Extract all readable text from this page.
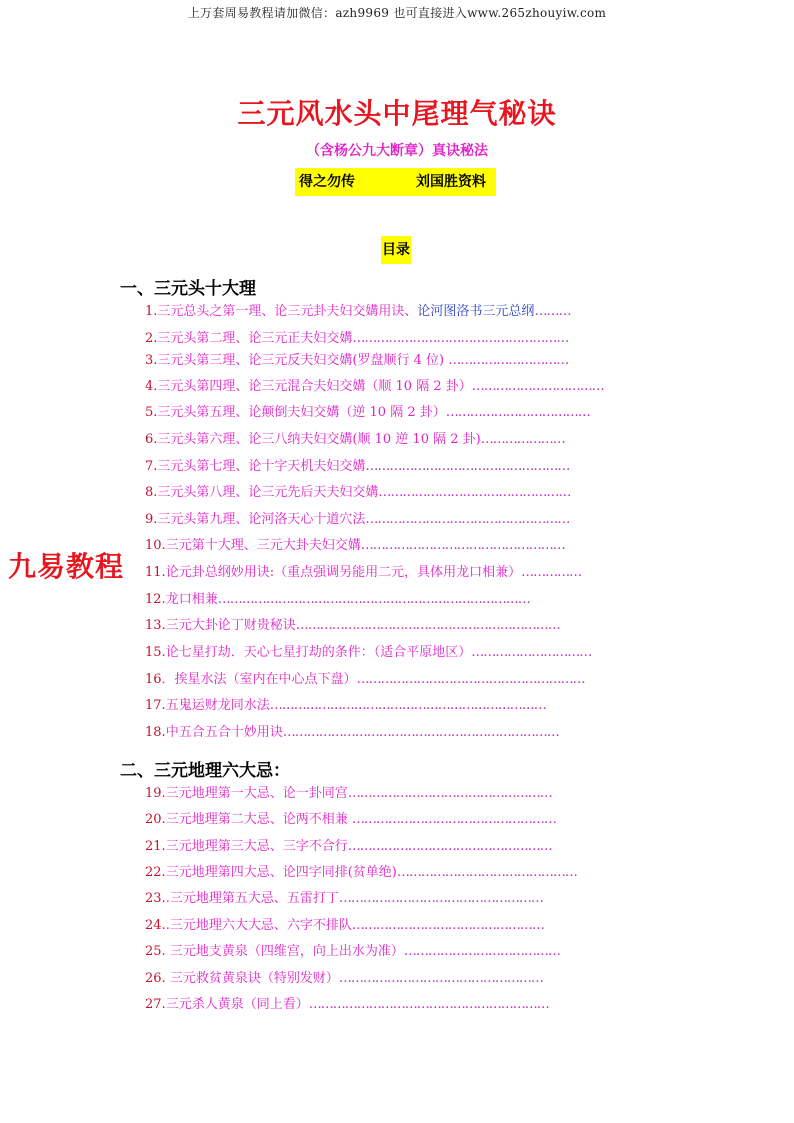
上万套周易教程请加微信：azh9969 也可直接进入www.265zhouyiw.com
三元风水头中尾理气秘诀
（含杨公九大断章）真诀秘法
得之勿传	刘国胜资料
目录
九易教程
一、三元头十大理
二、三元地理六大忌：
1.三元总头之第一理、论三元卦夫妇交媾用诀、论河图洛书三元总纲………
2.三元头第二理、论三元正夫妇交媾………………………………………………
3.三元头第三理、论三元反夫妇交媾(罗盘顺行 4 位) …………………………
4.三元头第四理、论三元混合夫妇交媾（顺 10 隔 2 卦）……………………………
5.三元头第五理、论颠倒夫妇交媾（逆 10 隔 2 卦）………………………………
6.三元头第六理、论三八纳夫妇交媾(顺 10 逆 10 隔 2 卦)…………………
7.三元头第七理、论十字天机夫妇交媾……………………………………………
8.三元头第八理、论三元先后天夫妇交媾…………………………………………
9.三元头第九理、论河洛天心十道穴法……………………………………………
10.三元第十大理、三元大卦夫妇交媾……………………………………………
11.论元卦总纲妙用诀:（重点强调另能用二元，具体用龙口相兼）……………
12.龙口相兼……………………………………………………………………
13.三元大卦论丁财贵秘诀…………………………………………………………
15.论七星打劫．天心七星打劫的条件：（适合平原地区）…………………………
16．挨星水法（室内在中心点下盘）…………………………………………………
17.五鬼运财龙同水法……………………………………………………………
18.中五合五合十妙用诀……………………………………………………………
19.三元地理第一大忌、论一卦同宫……………………………………………
20.三元地理第二大忌、论两不相兼 ……………………………………………
21.三元地理第三大忌、三字不合行……………………………………………
22.三元地理第四大忌、论四字同排(贫单绝)………………………………………
23..三元地理第五大忌、五雷打丁……………………………………………
24..三元地理六大大忌、六字不排队…………………………………………
25. 三元地支黄泉（四维宫，向上出水为准）…………………………………
26. 三元救贫黄泉诀（特别发财）……………………………………………
27.三元杀人黄泉（同上看）……………………………………………………
